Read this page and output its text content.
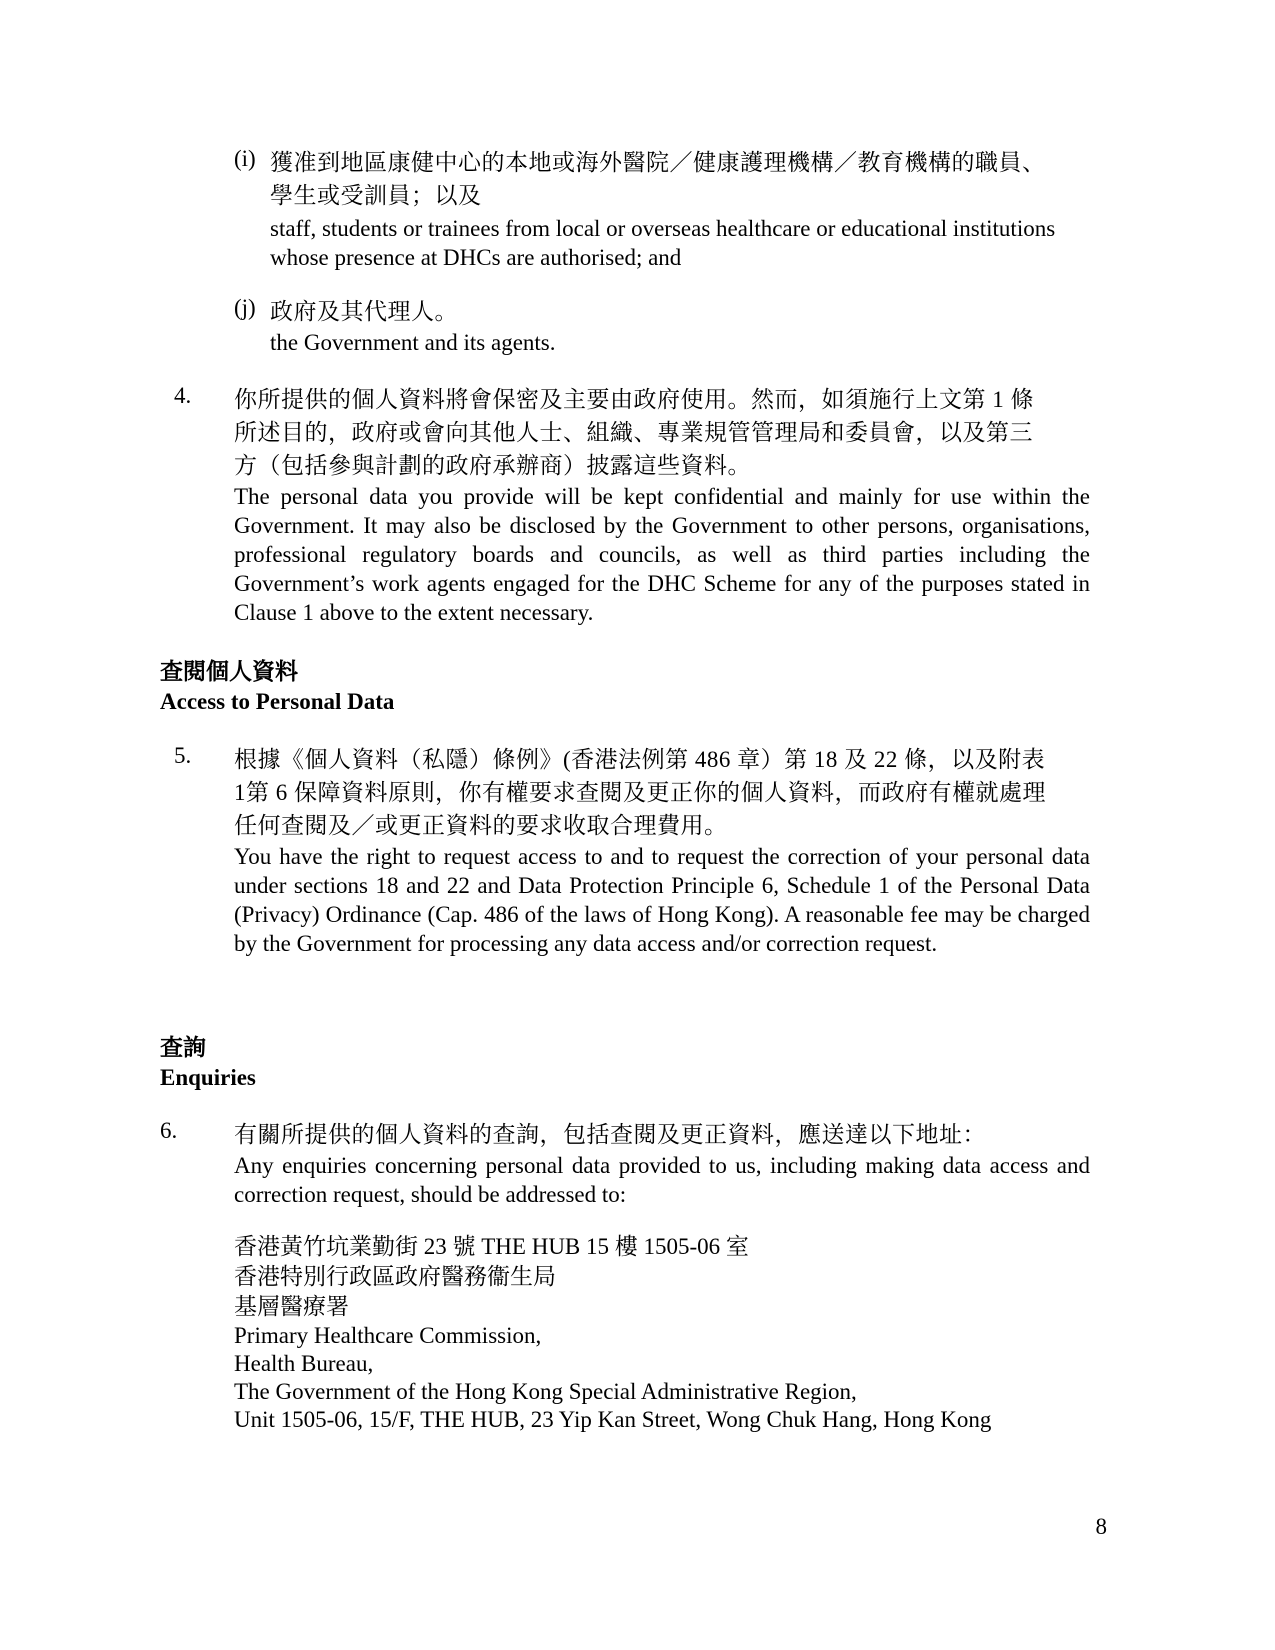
(i) 獲准到地區康健中心的本地或海外醫院／健康護理機構／教育機構的職員、
學生或受訓員；以及
staff, students or trainees from local or overseas healthcare or educational institutions whose presence at DHCs are authorised; and
(j) 政府及其代理人。
the Government and its agents.
4. 你所提供的個人資料將會保密及主要由政府使用。然而，如須施行上文第 1 條
所述目的，政府或會向其他人士、組織、專業規管管理局和委員會，以及第三
方（包括參與計劃的政府承辦商）披露這些資料。
The personal data you provide will be kept confidential and mainly for use within the Government. It may also be disclosed by the Government to other persons, organisations, professional regulatory boards and councils, as well as third parties including the Government’s work agents engaged for the DHC Scheme for any of the purposes stated in Clause 1 above to the extent necessary.
查閱個人資料
Access to Personal Data
5. 根據《個人資料（私隱）條例》(香港法例第 486 章）第 18 及 22 條，以及附表
1第 6 保障資料原則，你有權要求查閱及更正你的個人資料，而政府有權就處理
任何查閱及／或更正資料的要求收取合理費用。
You have the right to request access to and to request the correction of your personal data under sections 18 and 22 and Data Protection Principle 6, Schedule 1 of the Personal Data (Privacy) Ordinance (Cap. 486 of the laws of Hong Kong). A reasonable fee may be charged by the Government for processing any data access and/or correction request.
查詢
Enquiries
6. 有關所提供的個人資料的查詢，包括查閱及更正資料，應送達以下地址：
Any enquiries concerning personal data provided to us, including making data access and correction request, should be addressed to:
香港黃竹坑業勤街 23 號 THE HUB 15 樓 1505-06 室
香港特別行政區政府醫務衞生局
基層醫療署
Primary Healthcare Commission,
Health Bureau,
The Government of the Hong Kong Special Administrative Region,
Unit 1505-06, 15/F, THE HUB, 23 Yip Kan Street, Wong Chuk Hang, Hong Kong
8
